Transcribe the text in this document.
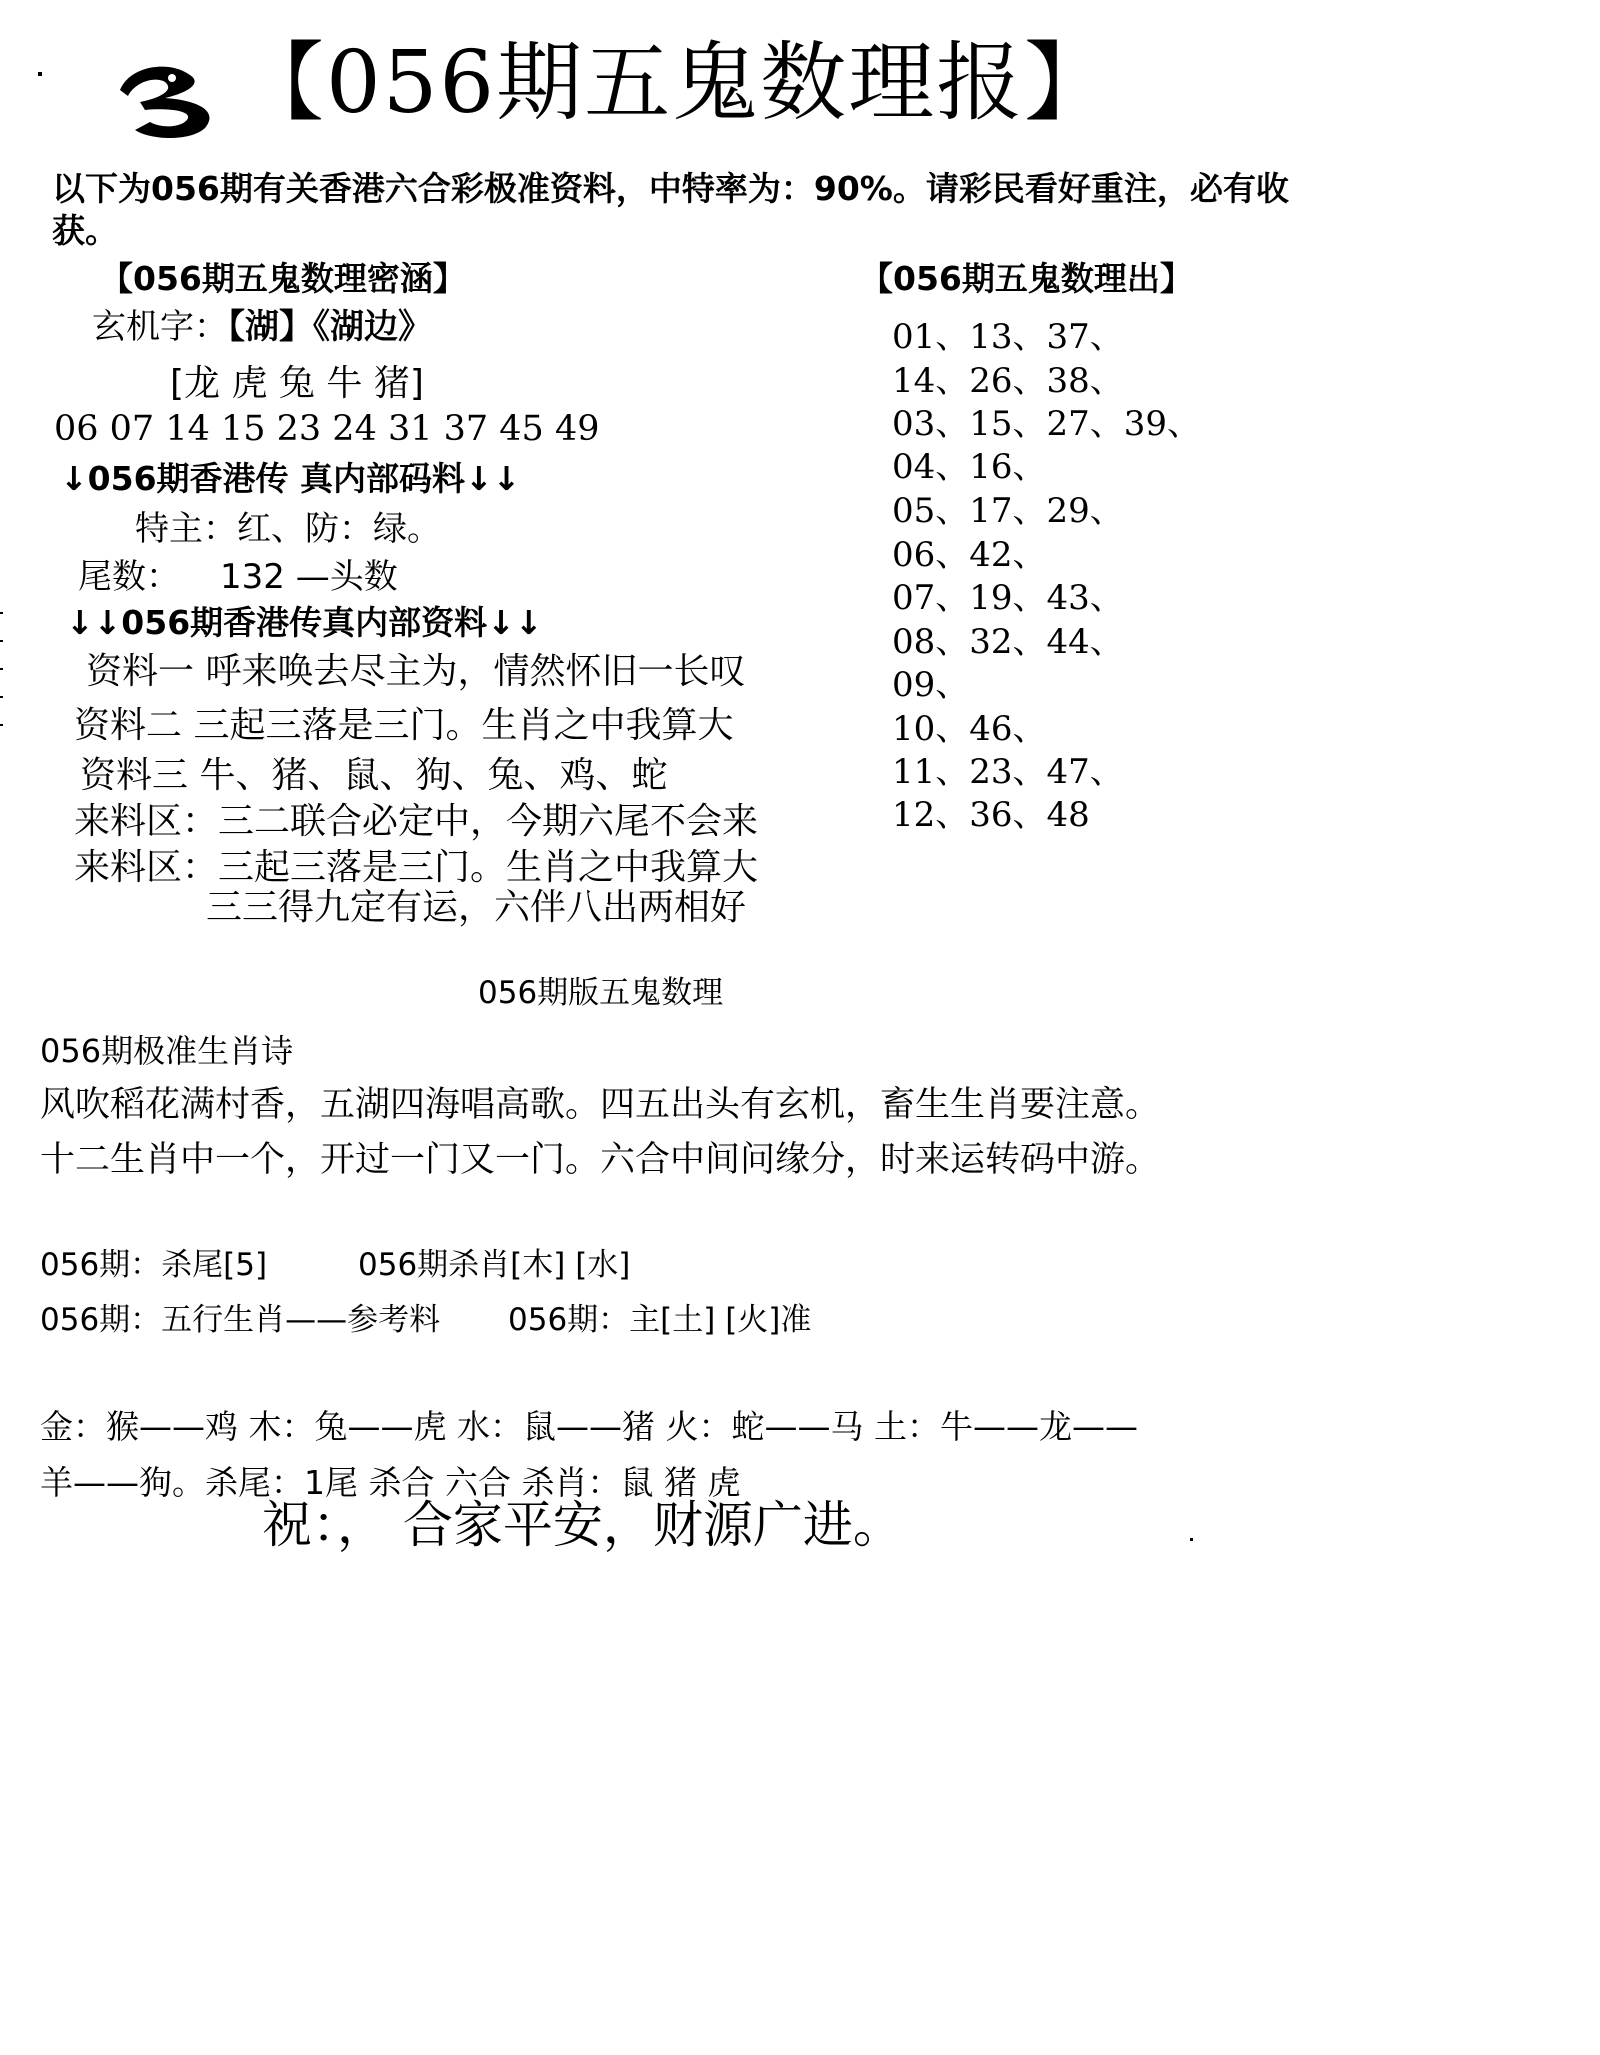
【056期五鬼数理报】
以下为056期有关香港六合彩极准资料，中特率为：90%。请彩民看好重注，必有收
获。
【056期五鬼数理密涵】
玄机字：【湖】《湖边》
[龙 虎 兔 牛 猪]
06 07 14 15 23 24 31 37 45 49
↓056期香港传 真内部码料↓↓
特主：红、防：绿。
尾数： 132 —头数
↓↓056期香港传真内部资料↓↓
资料一 呼来唤去尽主为，情然怀旧一长叹
资料二 三起三落是三门。生肖之中我算大
资料三 牛、猪、鼠、狗、兔、鸡、蛇
来料区：三二联合必定中，今期六尾不会来
来料区：三起三落是三门。生肖之中我算大
三三得九定有运，六伴八出两相好
【056期五鬼数理出】
01、13、37、
14、26、38、
03、15、27、39、
04、16、
05、17、29、
06、42、
07、19、43、
08、32、44、
09、
10、46、
11、23、47、
12、36、48
056期版五鬼数理
056期极准生肖诗
风吹稻花满村香，五湖四海唱高歌。四五出头有玄机，畜生生肖要注意。
十二生肖中一个，开过一门又一门。六合中间问缘分，时来运转码中游。
056期：杀尾[5]	056期杀肖[木] [水]
056期：五行生肖——参考料 056期：主[土] [火]准
金：猴——鸡 木：兔——虎 水：鼠——猪 火：蛇——马 土：牛——龙——
羊——狗。杀尾：1尾 杀合 六合 杀肖：鼠 猪 虎
祝：， 合家平安，财源广进。
